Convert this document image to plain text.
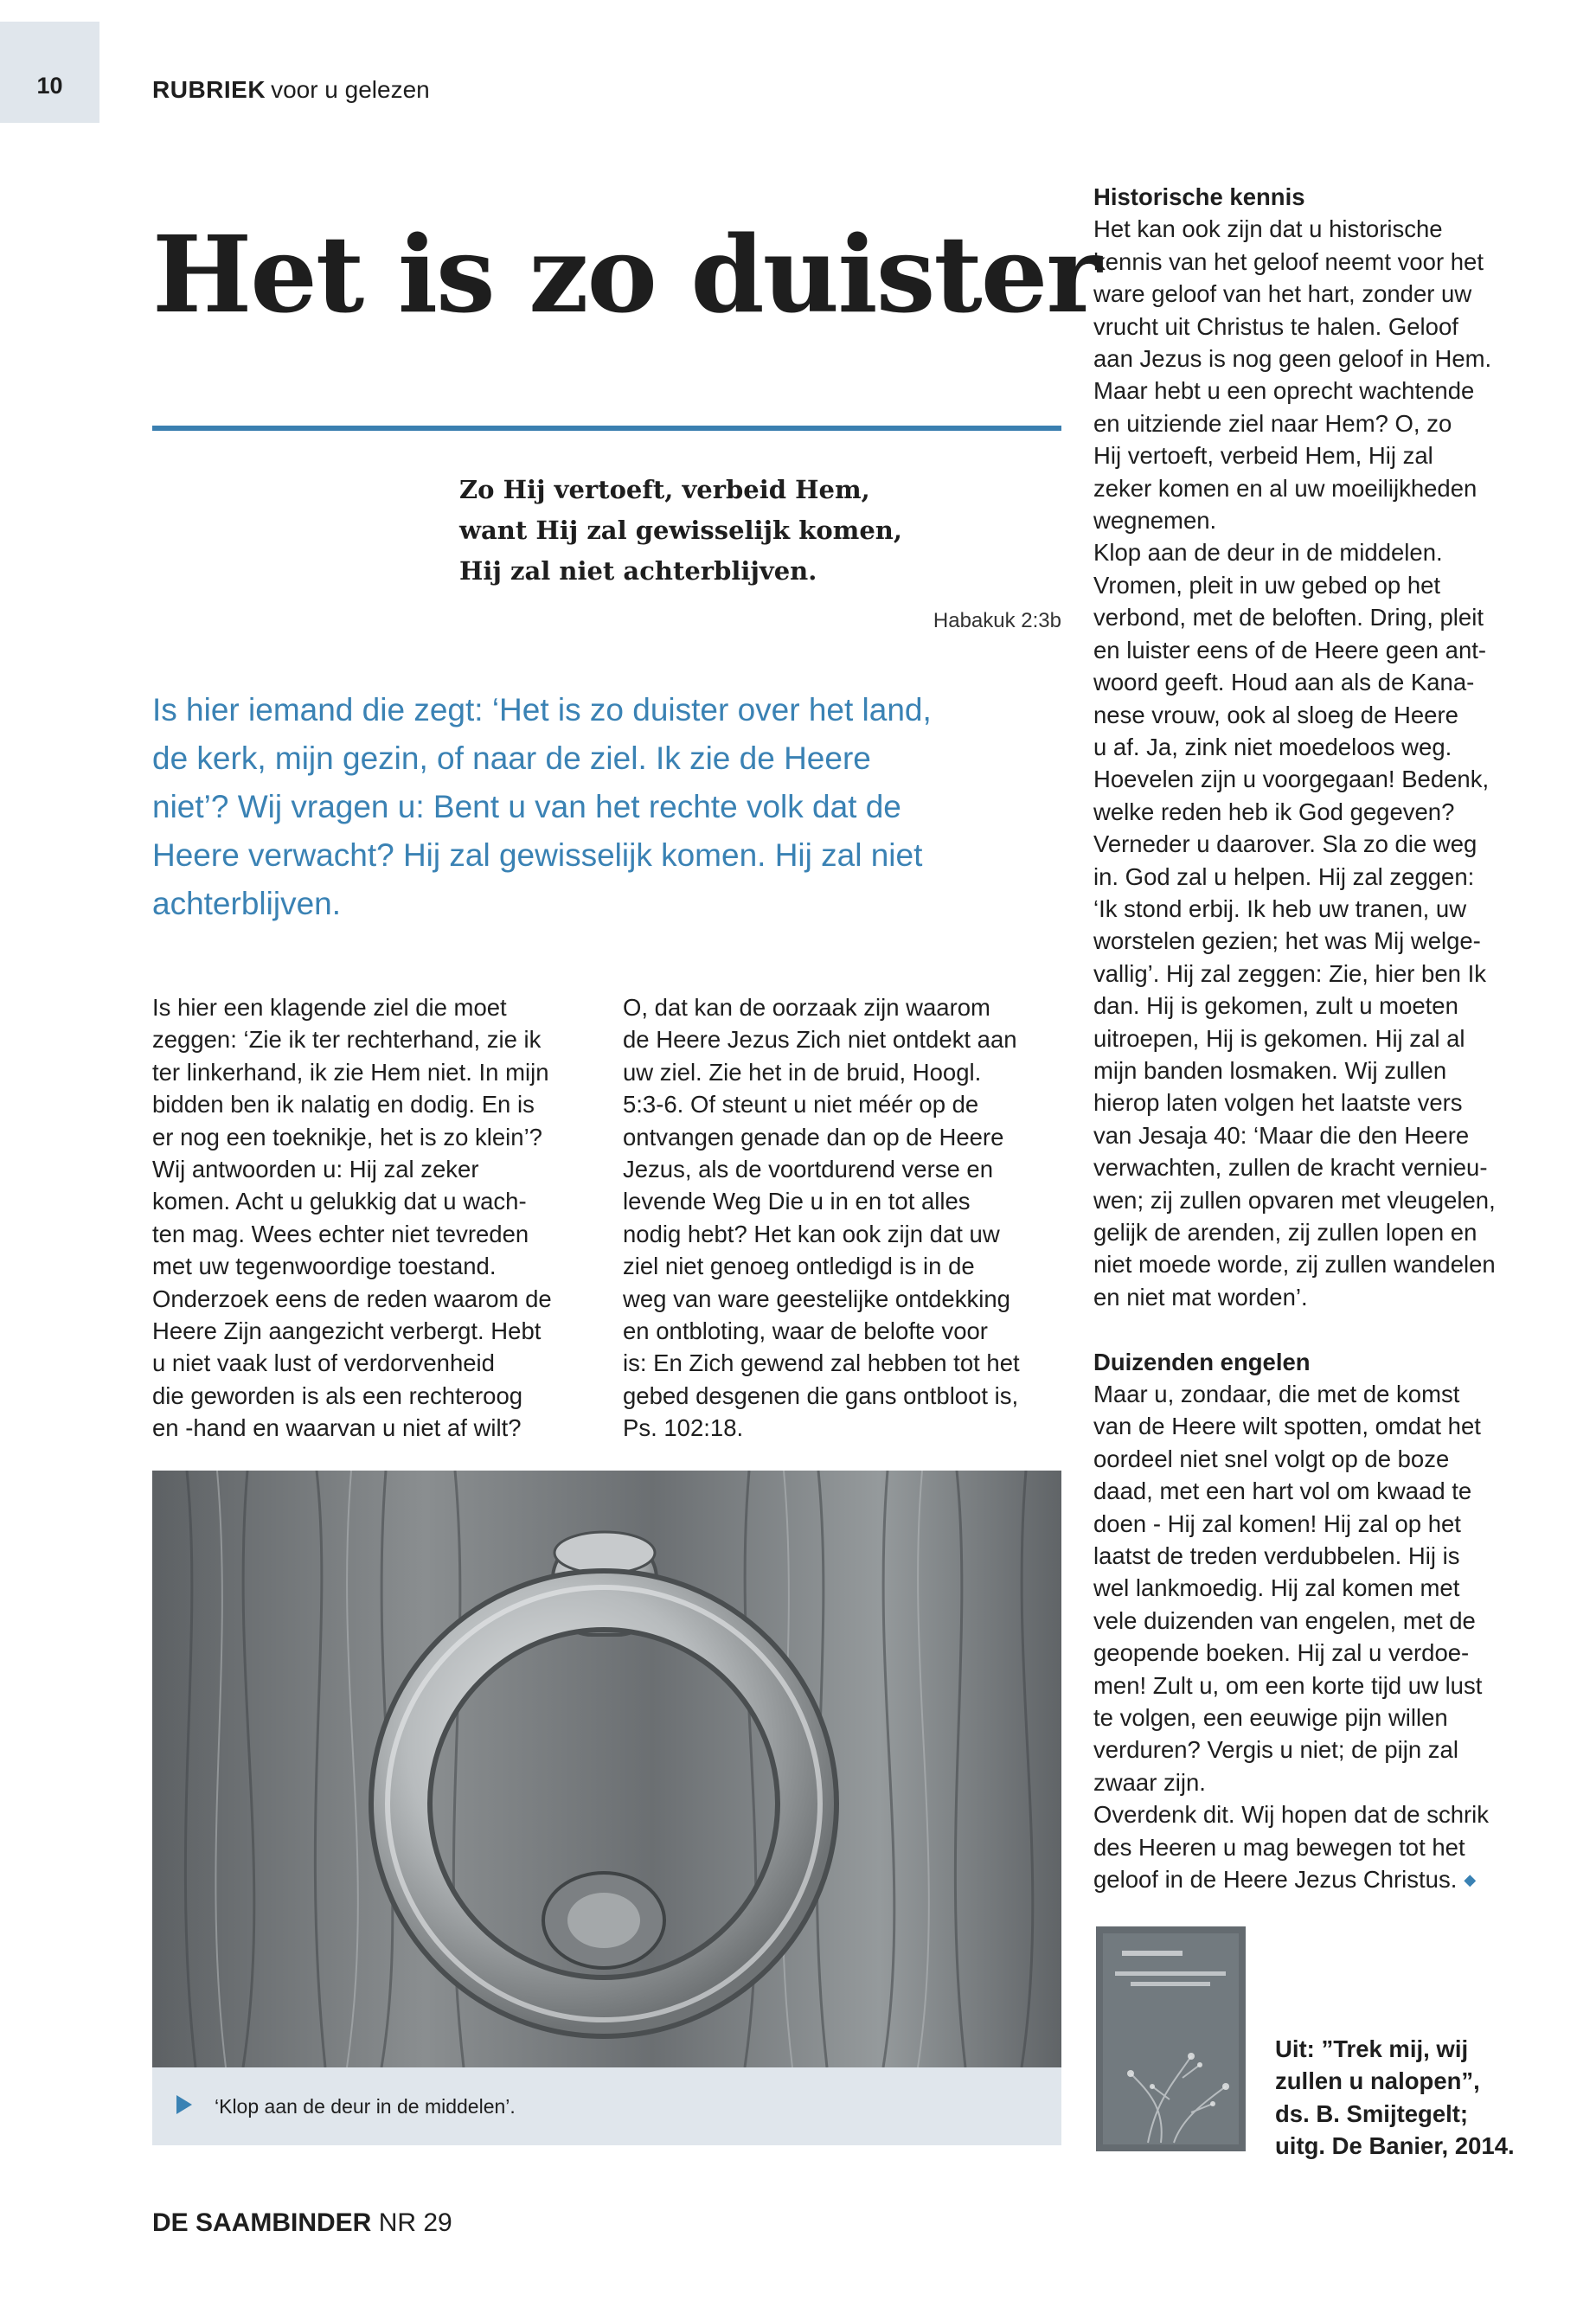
10	RUBRIEK voor u gelezen
Het is zo duister
Zo Hij vertoeft, verbeid Hem,
want Hij zal gewisselijk komen,
Hij zal niet achterblijven.
Habakuk 2:3b
Is hier iemand die zegt: ‘Het is zo duister over het land,
de kerk, mijn gezin, of naar de ziel. Ik zie de Heere
niet’? Wij vragen u: Bent u van het rechte volk dat de
Heere verwacht? Hij zal gewisselijk komen. Hij zal niet
achterblijven.
Is hier een klagende ziel die moet
zeggen: ‘Zie ik ter rechterhand, zie ik
ter linkerhand, ik zie Hem niet. In mijn
bidden ben ik nalatig en dodig. En is
er nog een toeknikje, het is zo klein’?
Wij antwoorden u: Hij zal zeker
komen. Acht u gelukkig dat u wach-
ten mag. Wees echter niet tevreden
met uw tegenwoordige toestand.
Onderzoek eens de reden waarom de
Heere Zijn aangezicht verbergt. Hebt
u niet vaak lust of verdorvenheid
die geworden is als een rechteroog
en -hand en waarvan u niet af wilt?
O, dat kan de oorzaak zijn waarom
de Heere Jezus Zich niet ontdekt aan
uw ziel. Zie het in de bruid, Hoogl.
5:3-6. Of steunt u niet méér op de
ontvangen genade dan op de Heere
Jezus, als de voortdurend verse en
levende Weg Die u in en tot alles
nodig hebt? Het kan ook zijn dat uw
ziel niet genoeg ontledigd is in de
weg van ware geestelijke ontdekking
en ontbloting, waar de belofte voor
is: En Zich gewend zal hebben tot het
gebed desgenen die gans ontbloot is,
Ps. 102:18.
Historische kennis
Het kan ook zijn dat u historische
kennis van het geloof neemt voor het
ware geloof van het hart, zonder uw
vrucht uit Christus te halen. Geloof
aan Jezus is nog geen geloof in Hem.
Maar hebt u een oprecht wachtende
en uitziende ziel naar Hem? O, zo
Hij vertoeft, verbeid Hem, Hij zal
zeker komen en al uw moeilijkheden
wegnemen.
Klop aan de deur in de middelen.
Vromen, pleit in uw gebed op het
verbond, met de beloften. Dring, pleit
en luister eens of de Heere geen ant-
woord geeft. Houd aan als de Kana-
nese vrouw, ook al sloeg de Heere
u af. Ja, zink niet moedeloos weg.
Hoevelen zijn u voorgegaan! Bedenk,
welke reden heb ik God gegeven?
Verneder u daarover. Sla zo die weg
in. God zal u helpen. Hij zal zeggen:
‘Ik stond erbij. Ik heb uw tranen, uw
worstelen gezien; het was Mij welge-
vallig’. Hij zal zeggen: Zie, hier ben Ik
dan. Hij is gekomen, zult u moeten
uitroepen, Hij is gekomen. Hij zal al
mijn banden losmaken. Wij zullen
hierop laten volgen het laatste vers
van Jesaja 40: ‘Maar die den Heere
verwachten, zullen de kracht vernieu-
wen; zij zullen opvaren met vleugelen,
gelijk de arenden, zij zullen lopen en
niet moede worde, zij zullen wandelen
en niet mat worden’.
Duizenden engelen
Maar u, zondaar, die met de komst
van de Heere wilt spotten, omdat het
oordeel niet snel volgt op de boze
daad, met een hart vol om kwaad te
doen - Hij zal komen! Hij zal op het
laatst de treden verdubbelen. Hij is
wel lankmoedig. Hij zal komen met
vele duizenden van engelen, met de
geopende boeken. Hij zal u verdoe-
men! Zult u, om een korte tijd uw lust
te volgen, een eeuwige pijn willen
verduren? Vergis u niet; de pijn zal
zwaar zijn.
Overdenk dit. Wij hopen dat de schrik
des Heeren u mag bewegen tot het
geloof in de Heere Jezus Christus. ◆
‘Klop aan de deur in de middelen’.
Uit: ”Trek mij, wij
zullen u nalopen”,
ds. B. Smijtegelt;
uitg. De Banier, 2014.
DE SAAMBINDER NR 29
